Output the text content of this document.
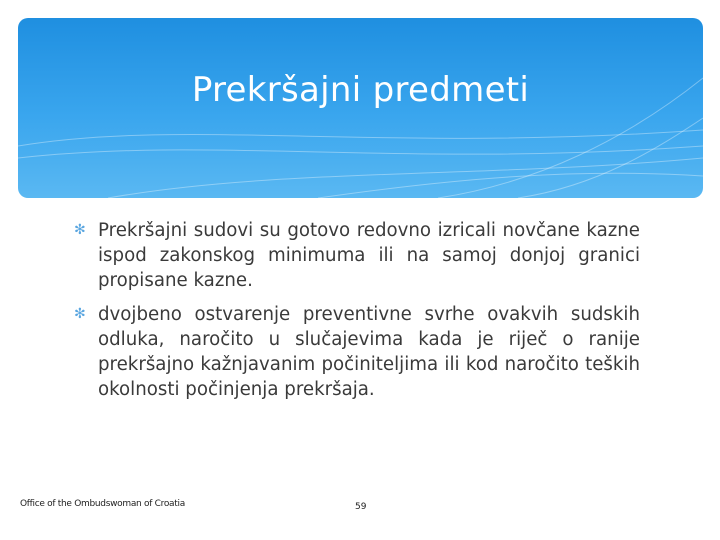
Prekršajni predmeti
✻ Prekršajni sudovi su gotovo redovno izricali novčane kazne ispod zakonskog minimuma ili na samoj donjoj granici propisane kazne.
✻ dvojbeno ostvarenje preventivne svrhe ovakvih sudskih odluka, naročito u slučajevima kada je riječ o ranije prekršajno kažnjavanim počiniteljima ili kod naročito teških okolnosti počinjenja prekršaja.
Office of the Ombudswoman of Croatia	59
